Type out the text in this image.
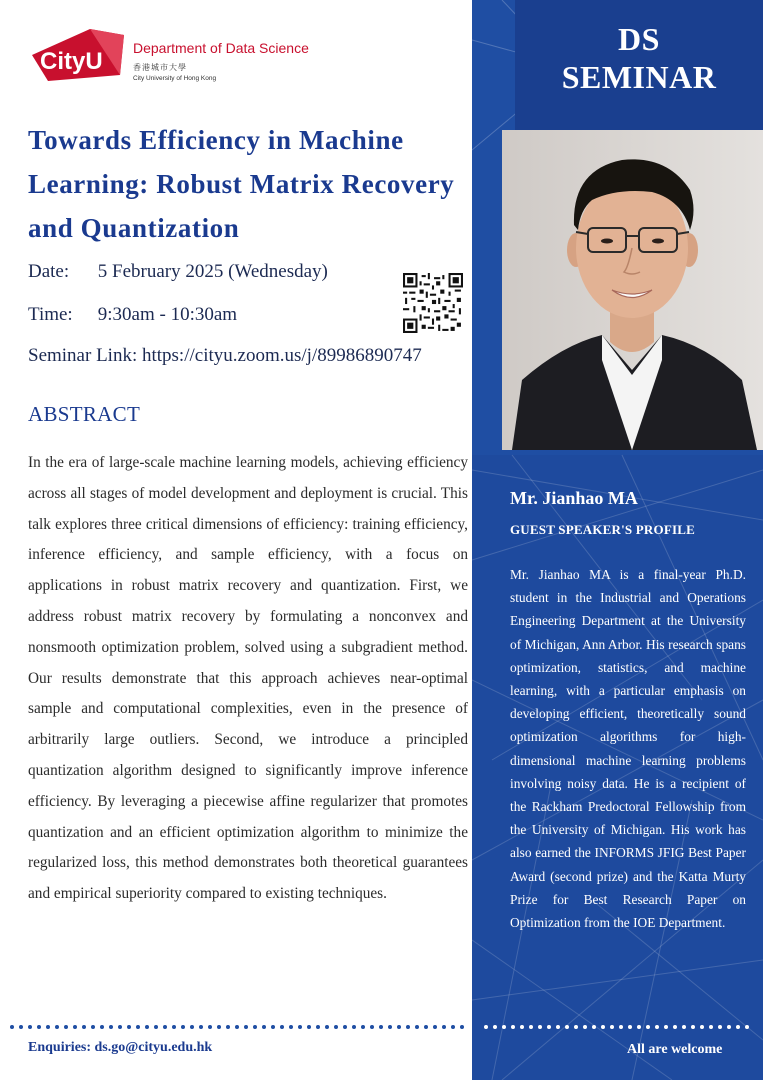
DS
SEMINAR
CityU Department of Data Science
香港城市大學
City University of Hong Kong
Towards Efficiency in Machine Learning: Robust Matrix Recovery and Quantization
Date: 5 February 2025 (Wednesday)
Time: 9:30am - 10:30am
Seminar Link: https://cityu.zoom.us/j/89986890747
ABSTRACT
In the era of large-scale machine learning models, achieving efficiency across all stages of model development and deployment is crucial. This talk explores three critical dimensions of efficiency: training efficiency, inference efficiency, and sample efficiency, with a focus on applications in robust matrix recovery and quantization. First, we address robust matrix recovery by formulating a nonconvex and nonsmooth optimization problem, solved using a subgradient method. Our results demonstrate that this approach achieves near-optimal sample and computational complexities, even in the presence of arbitrarily large outliers. Second, we introduce a principled quantization algorithm designed to significantly improve inference efficiency. By leveraging a piecewise affine regularizer that promotes quantization and an efficient optimization algorithm to minimize the regularized loss, this method demonstrates both theoretical guarantees and empirical superiority compared to existing techniques.
Mr. Jianhao MA
GUEST SPEAKER'S PROFILE
Mr. Jianhao MA is a final-year Ph.D. student in the Industrial and Operations Engineering Department at the University of Michigan, Ann Arbor. His research spans optimization, statistics, and machine learning, with a particular emphasis on developing efficient, theoretically sound optimization algorithms for high-dimensional machine learning problems involving noisy data. He is a recipient of the Rackham Predoctoral Fellowship from the University of Michigan. His work has also earned the INFORMS JFIG Best Paper Award (second prize) and the Katta Murty Prize for Best Research Paper on Optimization from the IOE Department.
Enquiries: ds.go@cityu.edu.hk	All are welcome
